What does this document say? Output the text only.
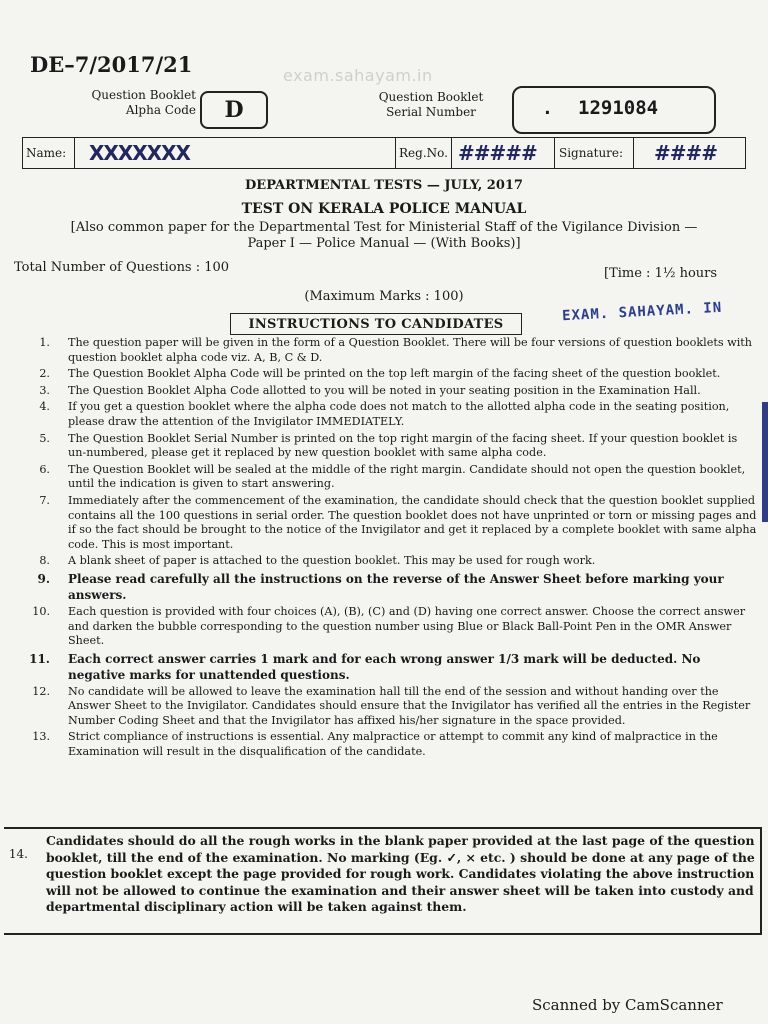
DE–7/2017/21	exam.sahayam.in
Question Booklet Alpha Code D	Question Booklet Serial Number	. 1291084
Name: XXXXXXX	Reg.No. ##### Signature: ####
DEPARTMENTAL TESTS — JULY, 2017
TEST ON KERALA POLICE MANUAL
[Also common paper for the Departmental Test for Ministerial Staff of the Vigilance Division —
Paper I — Police Manual — (With Books)]
Total Number of Questions : 100	[Time : 1½ hours
(Maximum Marks : 100)
EXAM. SAHAYAM. IN
INSTRUCTIONS TO CANDIDATES
1.	The question paper will be given in the form of a Question Booklet. There will be four versions of question booklets with question booklet alpha code viz. A, B, C & D.
2.	The Question Booklet Alpha Code will be printed on the top left margin of the facing sheet of the question booklet.
3.	The Question Booklet Alpha Code allotted to you will be noted in your seating position in the Examination Hall.
4.	If you get a question booklet where the alpha code does not match to the allotted alpha code in the seating position, please draw the attention of the Invigilator IMMEDIATELY.
5.	The Question Booklet Serial Number is printed on the top right margin of the facing sheet. If your question booklet is un-numbered, please get it replaced by new question booklet with same alpha code.
6.	The Question Booklet will be sealed at the middle of the right margin. Candidate should not open the question booklet, until the indication is given to start answering.
7.	Immediately after the commencement of the examination, the candidate should check that the question booklet supplied contains all the 100 questions in serial order. The question booklet does not have unprinted or torn or missing pages and if so the fact should be brought to the notice of the Invigilator and get it replaced by a complete booklet with same alpha code. This is most important.
8.	A blank sheet of paper is attached to the question booklet. This may be used for rough work.
9.	Please read carefully all the instructions on the reverse of the Answer Sheet before marking your answers.
10.	Each question is provided with four choices (A), (B), (C) and (D) having one correct answer. Choose the correct answer and darken the bubble corresponding to the question number using Blue or Black Ball-Point Pen in the OMR Answer Sheet.
11.	Each correct answer carries 1 mark and for each wrong answer 1/3 mark will be deducted. No negative marks for unattended questions.
12.	No candidate will be allowed to leave the examination hall till the end of the session and without handing over the Answer Sheet to the Invigilator. Candidates should ensure that the Invigilator has verified all the entries in the Register Number Coding Sheet and that the Invigilator has affixed his/her signature in the space provided.
13.	Strict compliance of instructions is essential. Any malpractice or attempt to commit any kind of malpractice in the Examination will result in the disqualification of the candidate.
14.
Candidates should do all the rough works in the blank paper provided at the last page of the question booklet, till the end of the examination. No marking (Eg. ✓, × etc. ) should be done at any page of the question booklet except the page provided for rough work. Candidates violating the above instruction will not be allowed to continue the examination and their answer sheet will be taken into custody and departmental disciplinary action will be taken against them.
Scanned by CamScanner
